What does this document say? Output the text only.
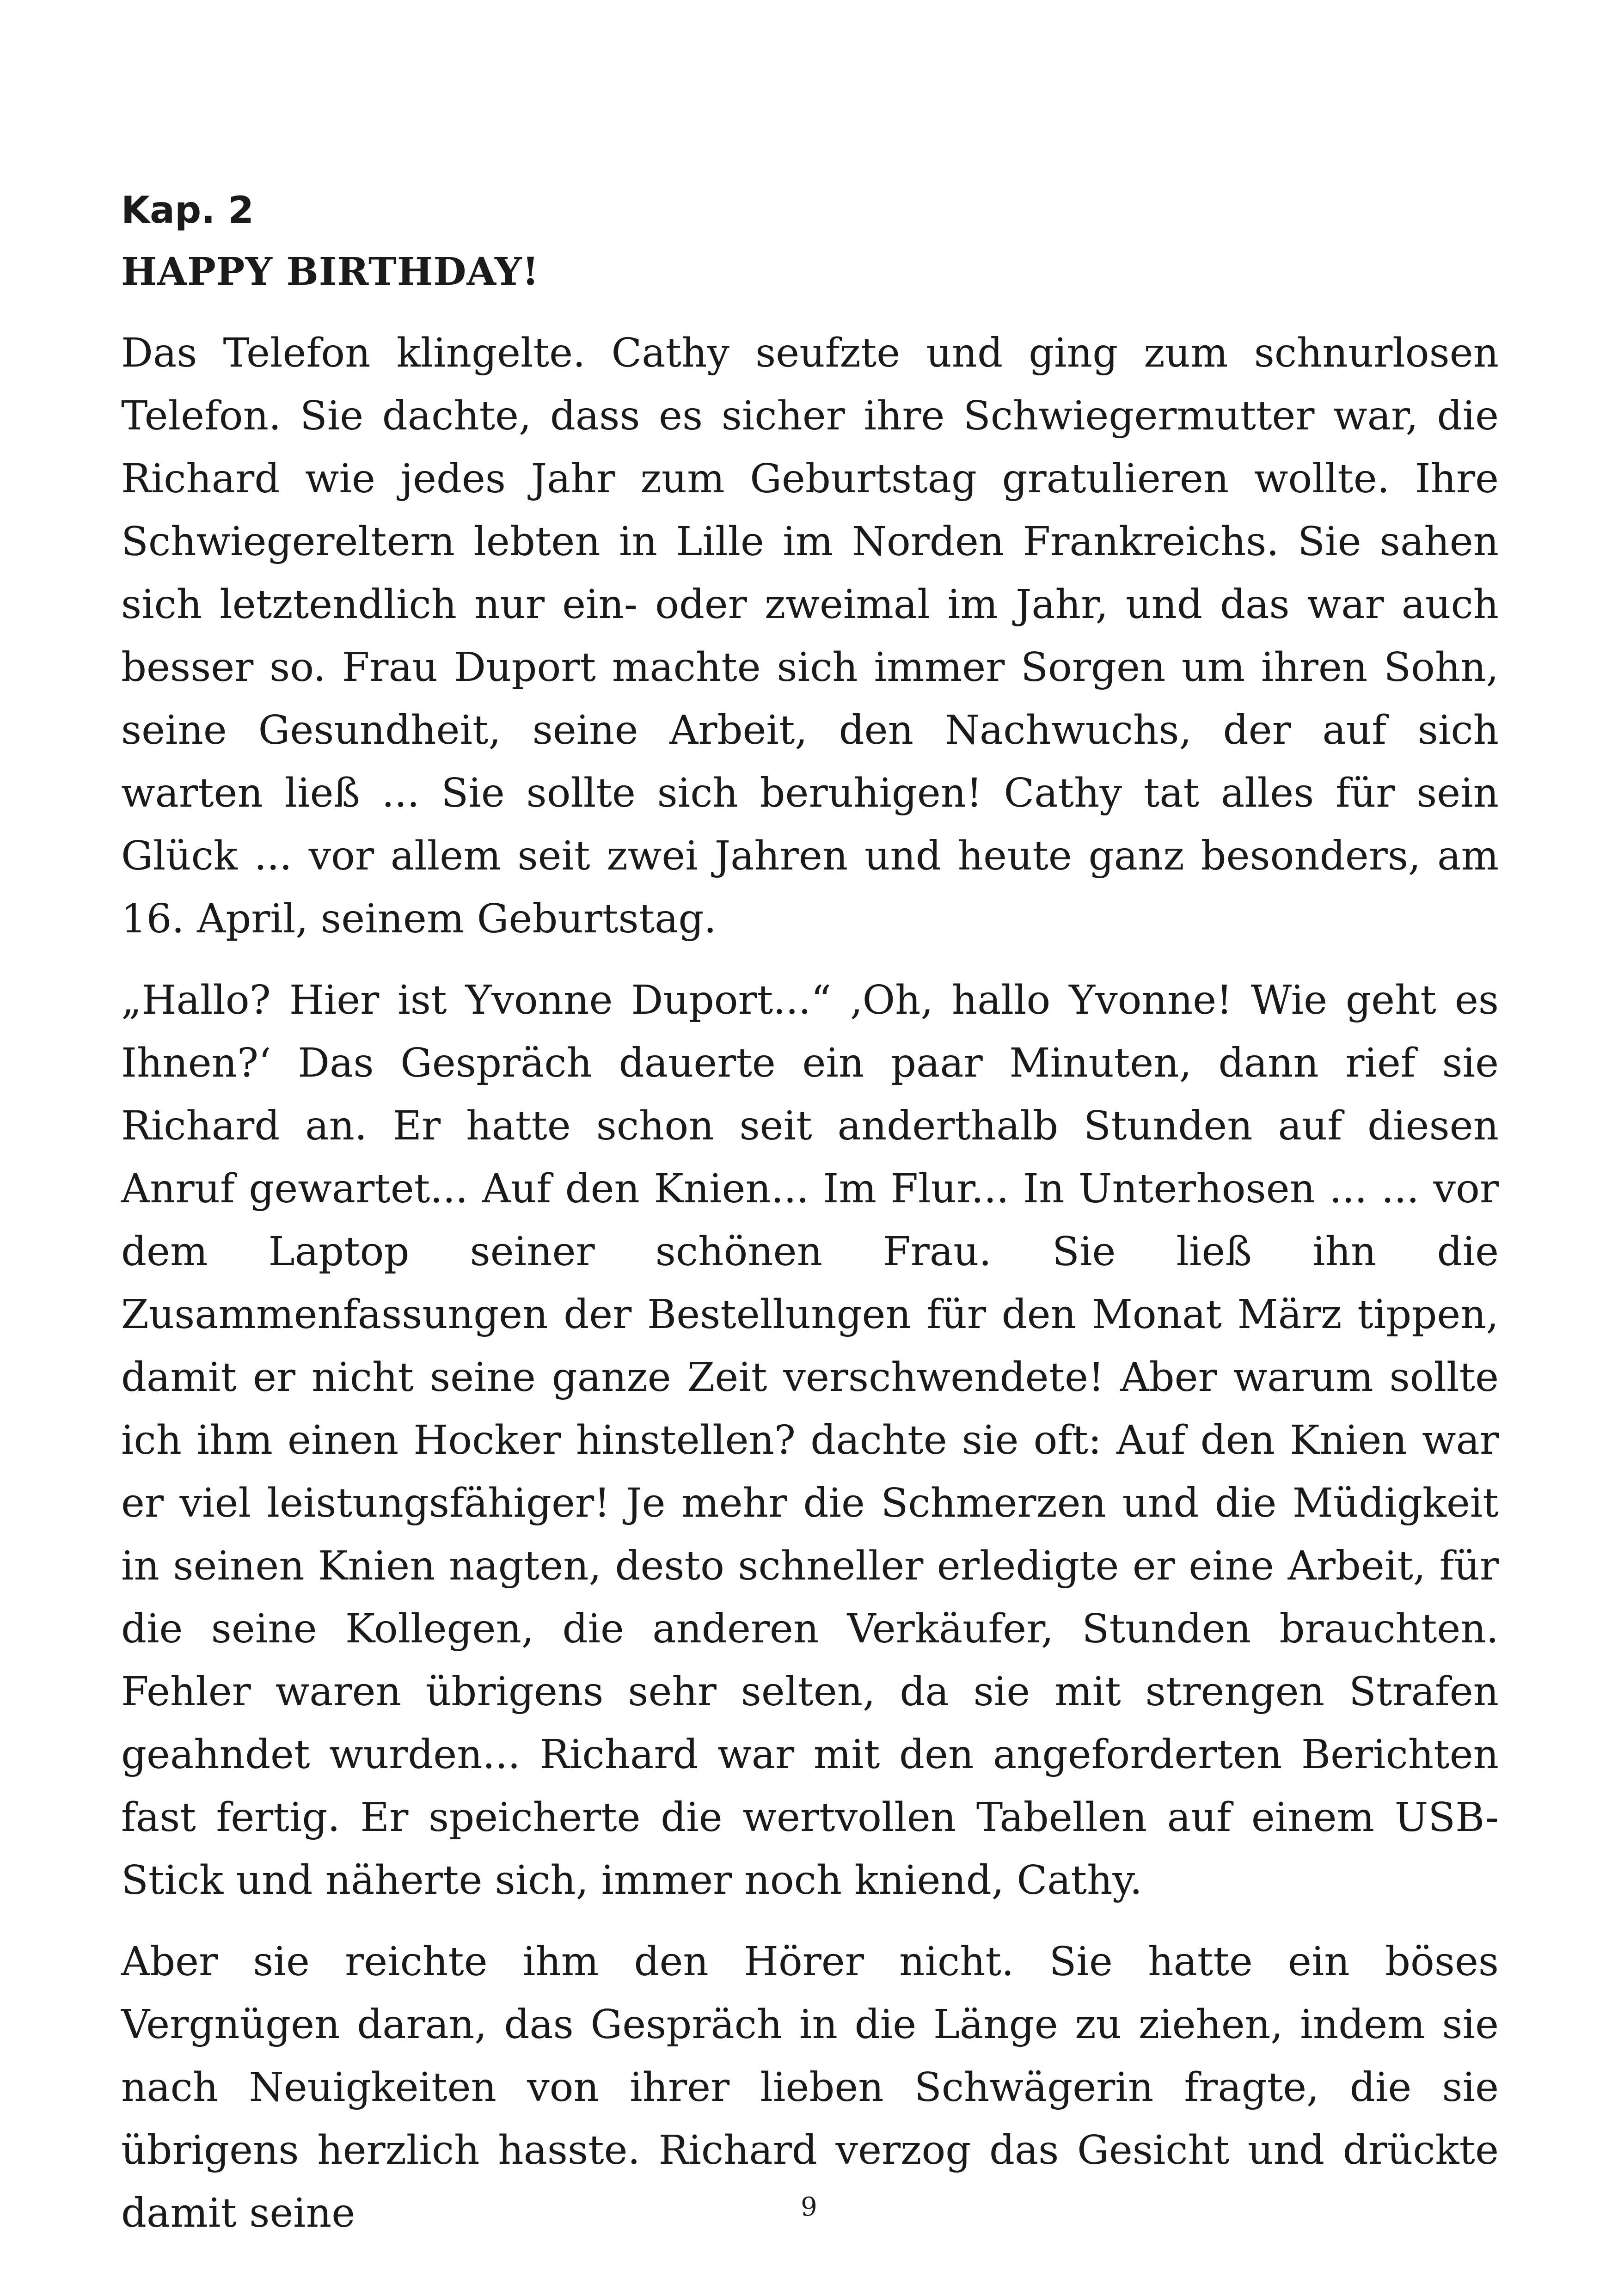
Kap. 2
HAPPY BIRTHDAY!

Das Telefon klingelte. Cathy seufzte und ging zum schnurlosen Telefon. Sie dachte, dass es sicher ihre Schwiegermutter war, die Richard wie jedes Jahr zum Geburtstag gratulieren wollte. Ihre Schwiegereltern lebten in Lille im Norden Frankreichs. Sie sahen sich letztendlich nur ein- oder zweimal im Jahr, und das war auch besser so. Frau Duport machte sich immer Sorgen um ihren Sohn, seine Gesundheit, seine Arbeit, den Nachwuchs, der auf sich warten ließ ... Sie sollte sich beruhigen! Cathy tat alles für sein Glück ... vor allem seit zwei Jahren und heute ganz besonders, am 16. April, seinem Geburtstag.

„Hallo? Hier ist Yvonne Duport...“ ‚Oh, hallo Yvonne! Wie geht es Ihnen?‘ Das Gespräch dauerte ein paar Minuten, dann rief sie Richard an. Er hatte schon seit anderthalb Stunden auf diesen Anruf gewartet... Auf den Knien... Im Flur... In Unterhosen ... ... vor dem Laptop seiner schönen Frau. Sie ließ ihn die Zusammenfassungen der Bestellungen für den Monat März tippen, damit er nicht seine ganze Zeit verschwendete! Aber warum sollte ich ihm einen Hocker hinstellen? dachte sie oft: Auf den Knien war er viel leistungsfähiger! Je mehr die Schmerzen und die Müdigkeit in seinen Knien nagten, desto schneller erledigte er eine Arbeit, für die seine Kollegen, die anderen Verkäufer, Stunden brauchten. Fehler waren übrigens sehr selten, da sie mit strengen Strafen geahndet wurden... Richard war mit den angeforderten Berichten fast fertig. Er speicherte die wertvollen Tabellen auf einem USB-Stick und näherte sich, immer noch kniend, Cathy.

Aber sie reichte ihm den Hörer nicht. Sie hatte ein böses Vergnügen daran, das Gespräch in die Länge zu ziehen, indem sie nach Neuigkeiten von ihrer lieben Schwägerin fragte, die sie übrigens herzlich hasste. Richard verzog das Gesicht und drückte damit seine	9
